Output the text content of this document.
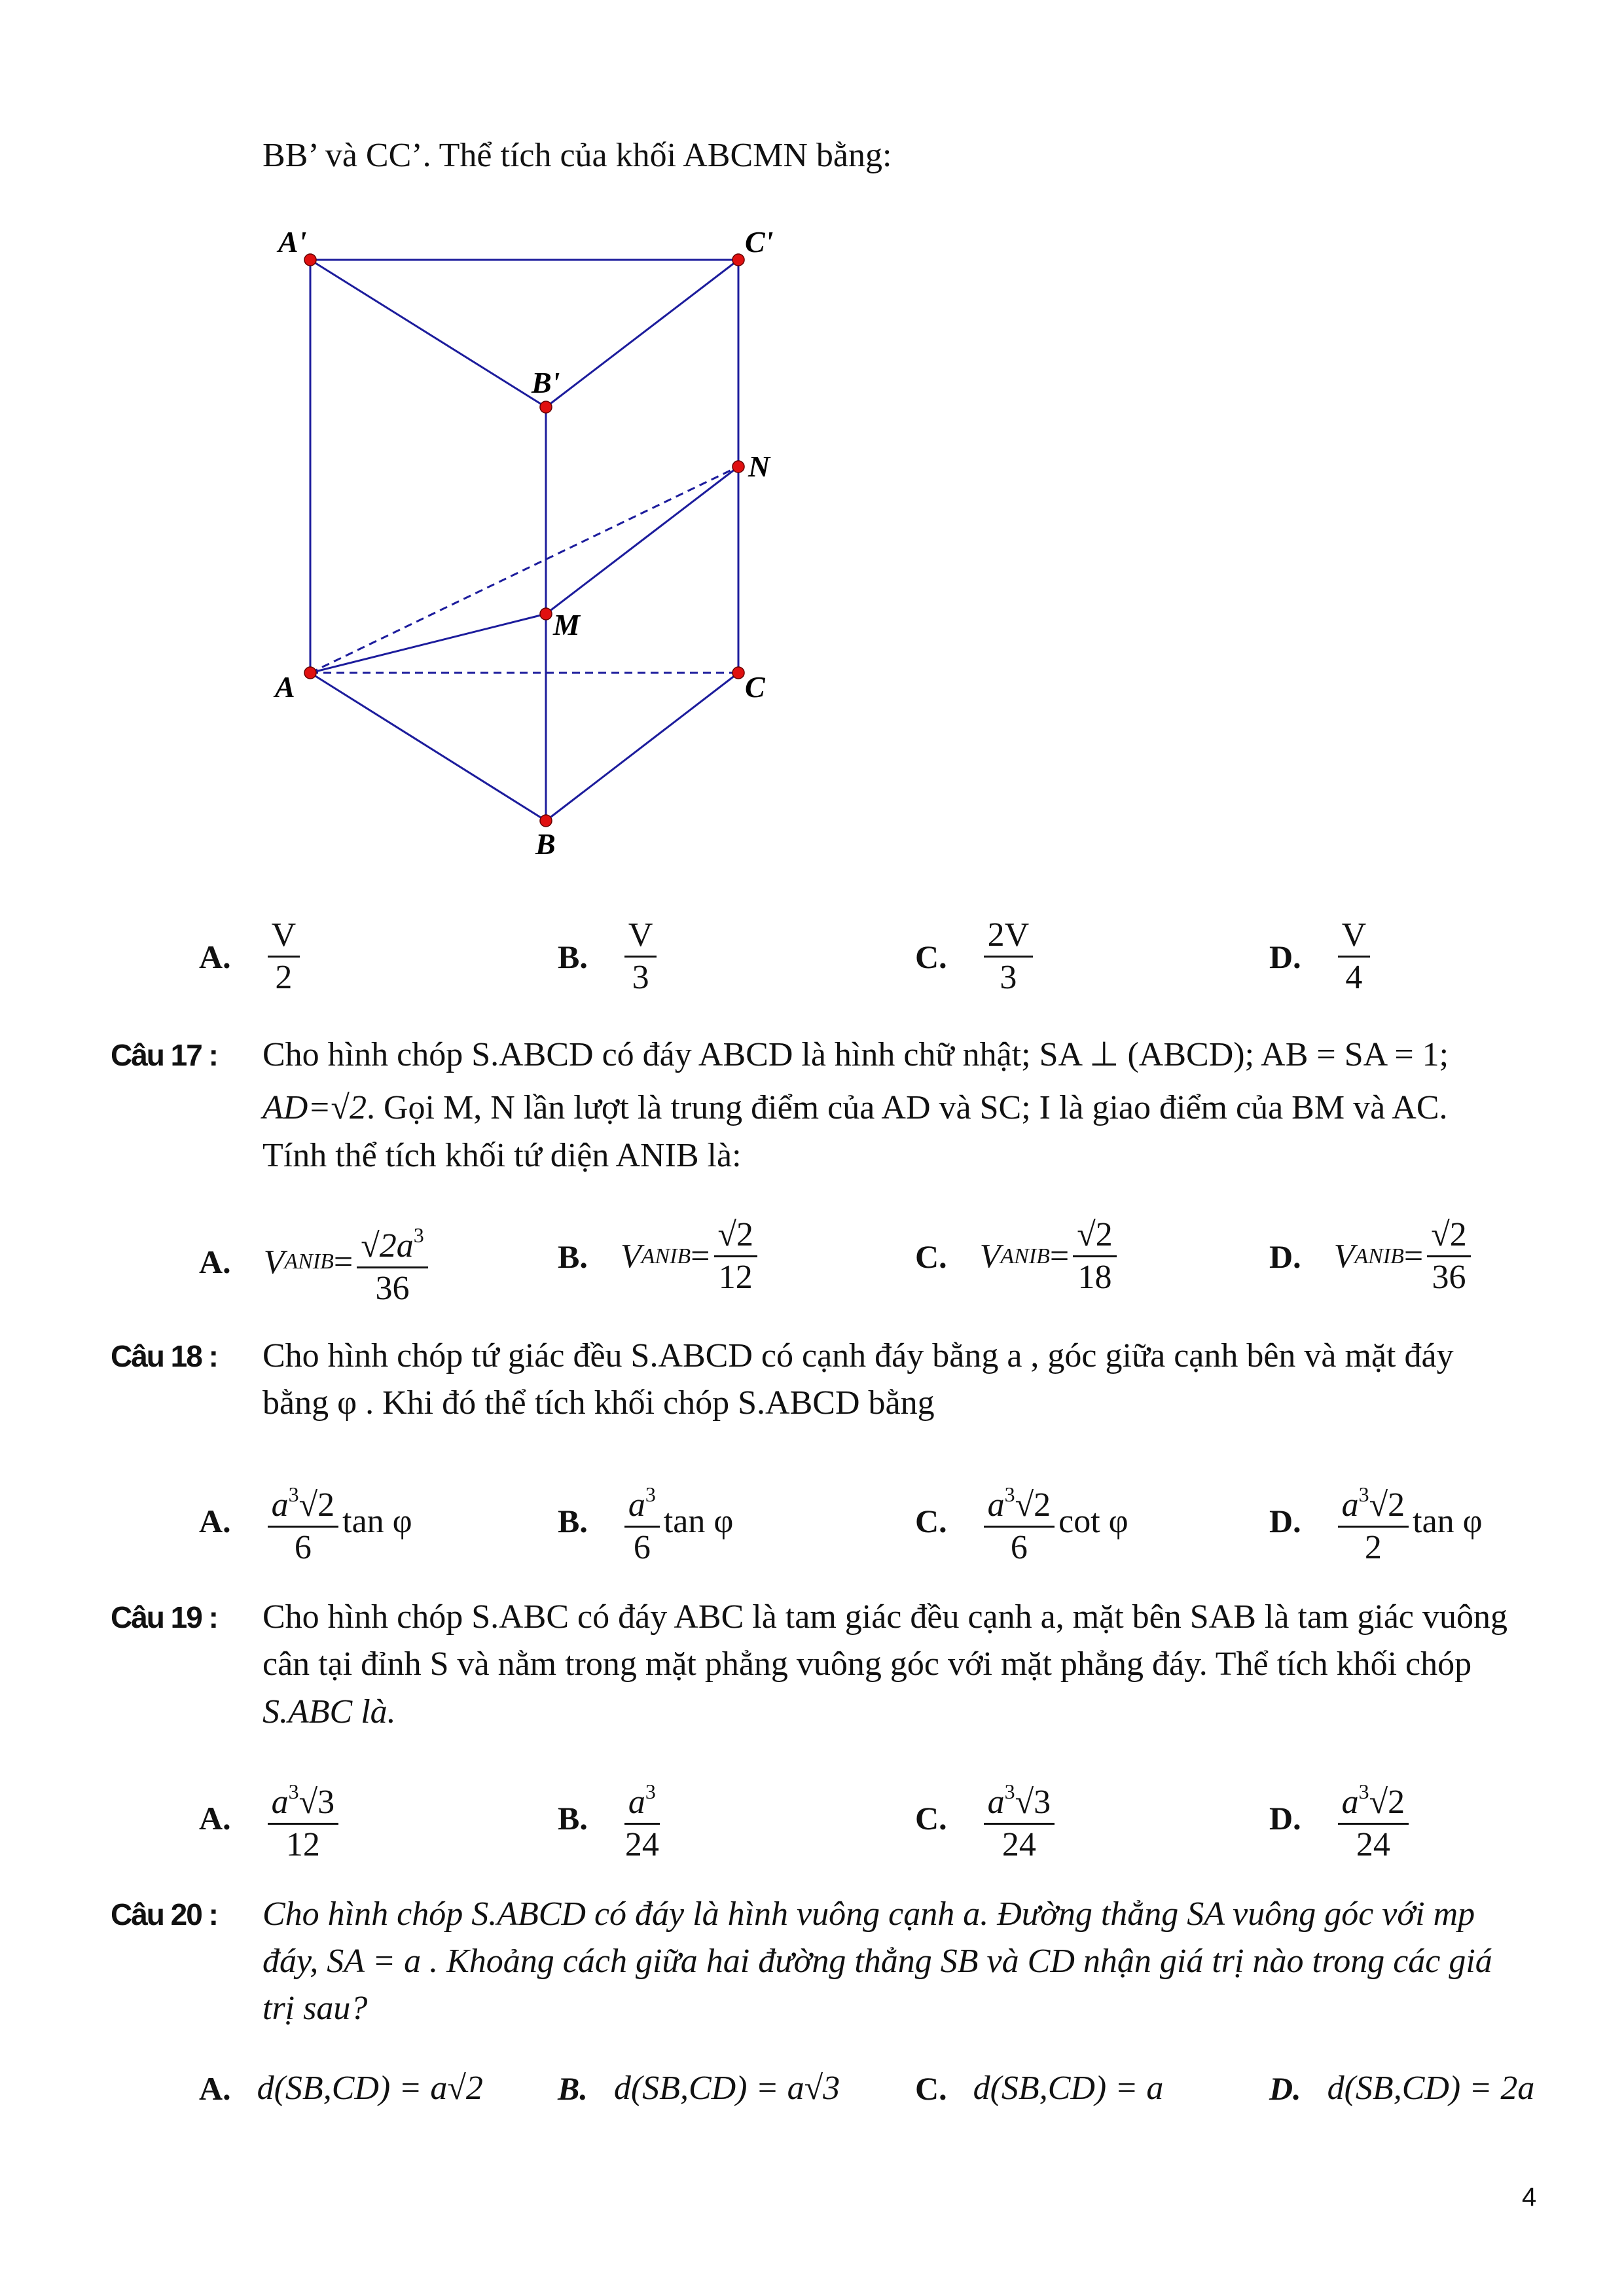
BB’ và CC’. Thể tích của khối ABCMN bằng:
A'	C'
B'
N
M
A	C
B
A. $\frac{V}{2}$	B. $\frac{V}{3}$	C. $\frac{2V}{3}$	D. $\frac{V}{4}$
Câu 17 : Cho hình chóp S.ABCD có đáy ABCD là hình chữ nhật; SA ⊥ (ABCD); AB = SA = 1;
AD=√2. Gọi M, N lần lượt là trung điểm của AD và SC; I là giao điểm của BM và AC.
Tính thể tích khối tứ diện ANIB là:
A. V ANIB = $\frac{√2a^3}{36}$	B. V ANIB = $\frac{√2}{12}$	C. V ANIB = $\frac{√2}{18}$	D. V ANIB = $\frac{√2}{36}$
Câu 18 : Cho hình chóp tứ giác đều S.ABCD có cạnh đáy bằng a , góc giữa cạnh bên và mặt đáy
bằng φ . Khi đó thể tích khối chóp S.ABCD bằng
A. $\frac{a^3√2}{6}$ tan φ	B. $\frac{a^3}{6}$ tan φ	C. $\frac{a^3√2}{6}$ cot φ	D. $\frac{a^3√2}{2}$ tan φ
Câu 19 : Cho hình chóp S.ABC có đáy ABC là tam giác đều cạnh a, mặt bên SAB là tam giác vuông
cân tại đỉnh S và nằm trong mặt phẳng vuông góc với mặt phẳng đáy. Thể tích khối chóp
S.ABC là.
A. $\frac{a^3√3}{12}$	B. $\frac{a^3}{24}$	C. $\frac{a^3√3}{24}$	D. $\frac{a^3√2}{24}$
Câu 20 : Cho hình chóp S.ABCD có đáy là hình vuông cạnh a. Đường thẳng SA vuông góc với mp
đáy, SA = a . Khoảng cách giữa hai đường thẳng SB và CD nhận giá trị nào trong các giá
trị sau?
A. d(SB,CD) = a√2 B. d(SB,CD) = a√3 C. d(SB,CD) = a	D. d(SB,CD) = 2a
4
